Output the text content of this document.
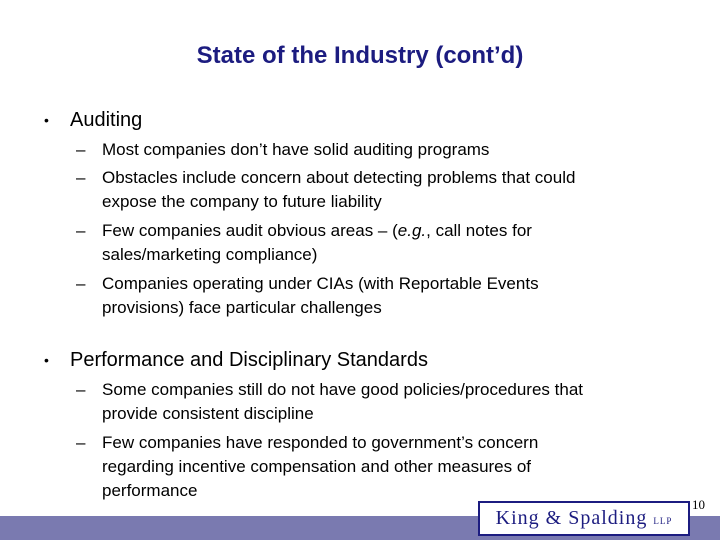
State of the Industry (cont’d)
• Auditing
– Most companies don’t have solid auditing programs
– Obstacles include concern about detecting problems that could
expose the company to future liability
– Few companies audit obvious areas – (e.g., call notes for
sales/marketing compliance)
– Companies operating under CIAs (with Reportable Events
provisions) face particular challenges
• Performance and Disciplinary Standards
– Some companies still do not have good policies/procedures that
provide consistent discipline
– Few companies have responded to government’s concern
regarding incentive compensation and other measures of
performance
King & Spalding LLP
10
